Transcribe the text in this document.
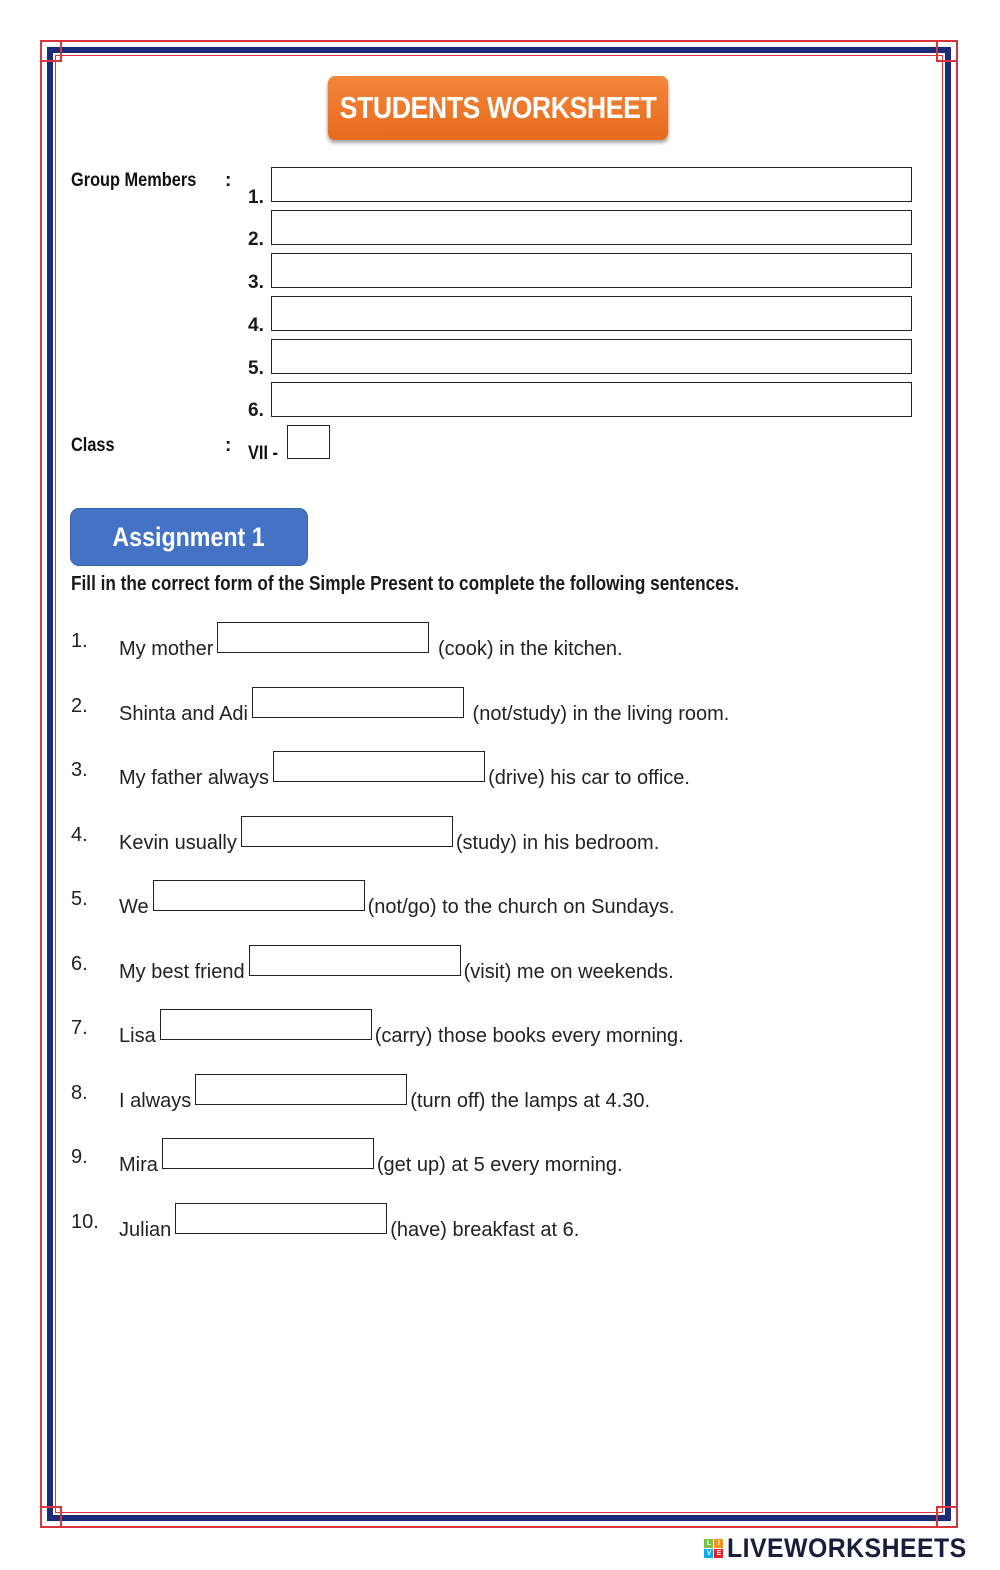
STUDENTS WORKSHEET
Group Members	:
1.
2.
3.
4.
5.
6.
Class	: VII -
Assignment 1
Fill in the correct form of the Simple Present to complete the following sentences.
1. My mother	(cook) in the kitchen.
2. Shinta and Adi	(not/study) in the living room.
3. My father always	(drive) his car to office.
4. Kevin usually	(study) in his bedroom.
5. We	(not/go) to the church on Sundays.
6. My best friend	(visit) me on weekends.
7. Lisa	(carry) those books every morning.
8. I always	(turn off) the lamps at 4.30.
9. Mira	(get up) at 5 every morning.
10. Julian	(have) breakfast at 6.
L I
V E LIVEWORKSHEETS
